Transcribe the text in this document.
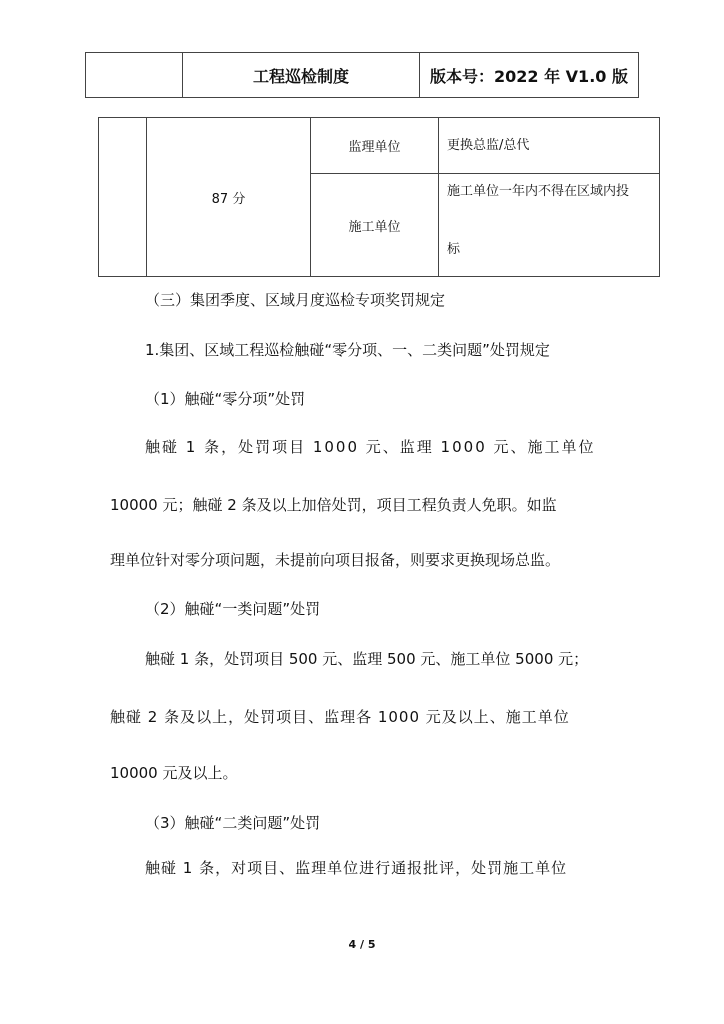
工程巡检制度	版本号：2022 年 V1.0 版
	87 分	监理单位	更换总监/总代
		施工单位	施工单位一年内不得在区域内投
标
（三）集团季度、区域月度巡检专项奖罚规定
1.集团、区域工程巡检触碰“零分项、一、二类问题”处罚规定
（1）触碰“零分项”处罚
触碰 1 条，处罚项目 1000 元、监理 1000 元、施工单位
10000 元；触碰 2 条及以上加倍处罚，项目工程负责人免职。如监
理单位针对零分项问题，未提前向项目报备，则要求更换现场总监。
（2）触碰“一类问题”处罚
触碰 1 条，处罚项目 500 元、监理 500 元、施工单位 5000 元；
触碰 2 条及以上，处罚项目、监理各 1000 元及以上、施工单位
10000 元及以上。
（3）触碰“二类问题”处罚
触碰 1 条，对项目、监理单位进行通报批评，处罚施工单位
4 / 5
